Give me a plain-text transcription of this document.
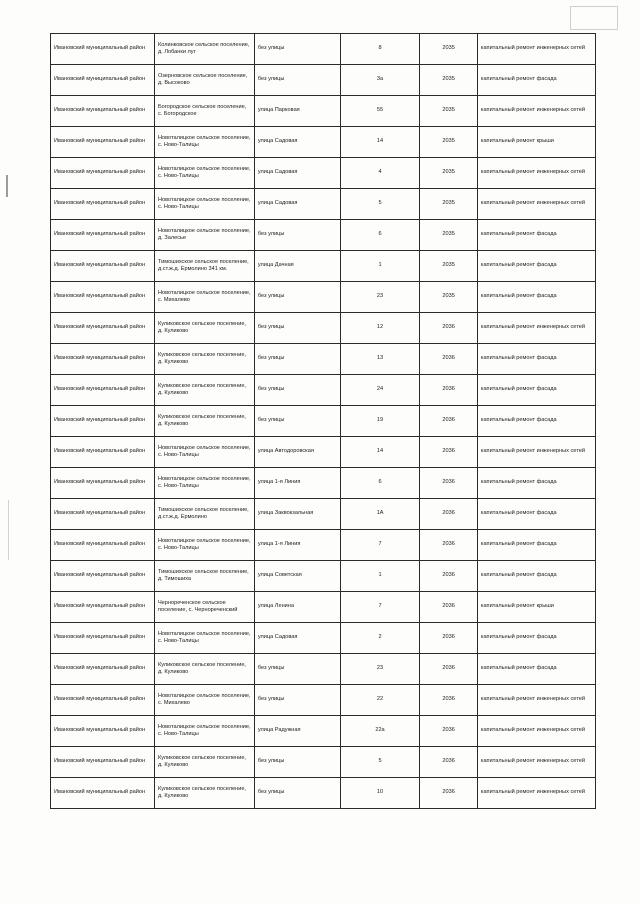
Ивановский муниципальный район	Колинковское сельское поселение, д. Лобанки луг	без улицы	8	2035	капитальный ремонт инженерных сетей
Ивановский муниципальный район	Озерновское сельское поселение, д. Высоково	без улицы	3а	2035	капитальный ремонт фасада
Ивановский муниципальный район	Богородское сельское поселение, с. Богородское	улица Парковая	55	2035	капитальный ремонт инженерных сетей
Ивановский муниципальный район	Новоталицкое сельское поселение, с. Ново-Талицы	улица Садовая	14	2035	капитальный ремонт крыши
Ивановский муниципальный район	Новоталицкое сельское поселение, с. Ново-Талицы	улица Садовая	4	2035	капитальный ремонт инженерных сетей
Ивановский муниципальный район	Новоталицкое сельское поселение, с. Ново-Талицы	улица Садовая	5	2035	капитальный ремонт инженерных сетей
Ивановский муниципальный район	Новоталицкое сельское поселение, д. Залесье	без улицы	6	2035	капитальный ремонт фасада
Ивановский муниципальный район	Тимошихское сельское поселение, д.ст.ж.д. Ермолино 341 км.	улица Дачная	1	2035	капитальный ремонт фасада
Ивановский муниципальный район	Новоталицкое сельское поселение, с. Михалево	без улицы	23	2035	капитальный ремонт фасада
Ивановский муниципальный район	Куликовское сельское поселение, д. Куликово	без улицы	12	2036	капитальный ремонт инженерных сетей
Ивановский муниципальный район	Куликовское сельское поселение, д. Куликово	без улицы	13	2036	капитальный ремонт фасада
Ивановский муниципальный район	Куликовское сельское поселение, д. Куликово	без улицы	24	2036	капитальный ремонт фасада
Ивановский муниципальный район	Куликовское сельское поселение, д. Куликово	без улицы	19	2036	капитальный ремонт фасада
Ивановский муниципальный район	Новоталицкое сельское поселение, с. Ново-Талицы	улица Автодоровская	14	2036	капитальный ремонт инженерных сетей
Ивановский муниципальный район	Новоталицкое сельское поселение, с. Ново-Талицы	улица 1-я Линия	6	2036	капитальный ремонт фасада
Ивановский муниципальный район	Тимошихское сельское поселение, д.ст.ж.д. Ермолино	улица Заквокзальная	1А	2036	капитальный ремонт фасада
Ивановский муниципальный район	Новоталицкое сельское поселение, с. Ново-Талицы	улица 1-я Линия	7	2036	капитальный ремонт фасада
Ивановский муниципальный район	Тимошихское сельское поселение, д. Тимошиха	улица Советская	1	2036	капитальный ремонт фасада
Ивановский муниципальный район	Чернореченское сельское поселение, с. Чернореченский	улица Ленина	7	2036	капитальный ремонт крыши
Ивановский муниципальный район	Новоталицкое сельское поселение, с. Ново-Талицы	улица Садовая	2	2036	капитальный ремонт фасада
Ивановский муниципальный район	Куликовское сельское поселение, д. Куликово	без улицы	23	2036	капитальный ремонт фасада
Ивановский муниципальный район	Новоталицкое сельское поселение, с. Михалево	без улицы	22	2036	капитальный ремонт инженерных сетей
Ивановский муниципальный район	Новоталицкое сельское поселение, с. Ново-Талицы	улица Радужная	22а	2036	капитальный ремонт инженерных сетей
Ивановский муниципальный район	Куликовское сельское поселение, д. Куликово	без улицы	5	2036	капитальный ремонт инженерных сетей
Ивановский муниципальный район	Куликовское сельское поселение, д. Куликово	без улицы	10	2036	капитальный ремонт инженерных сетей
